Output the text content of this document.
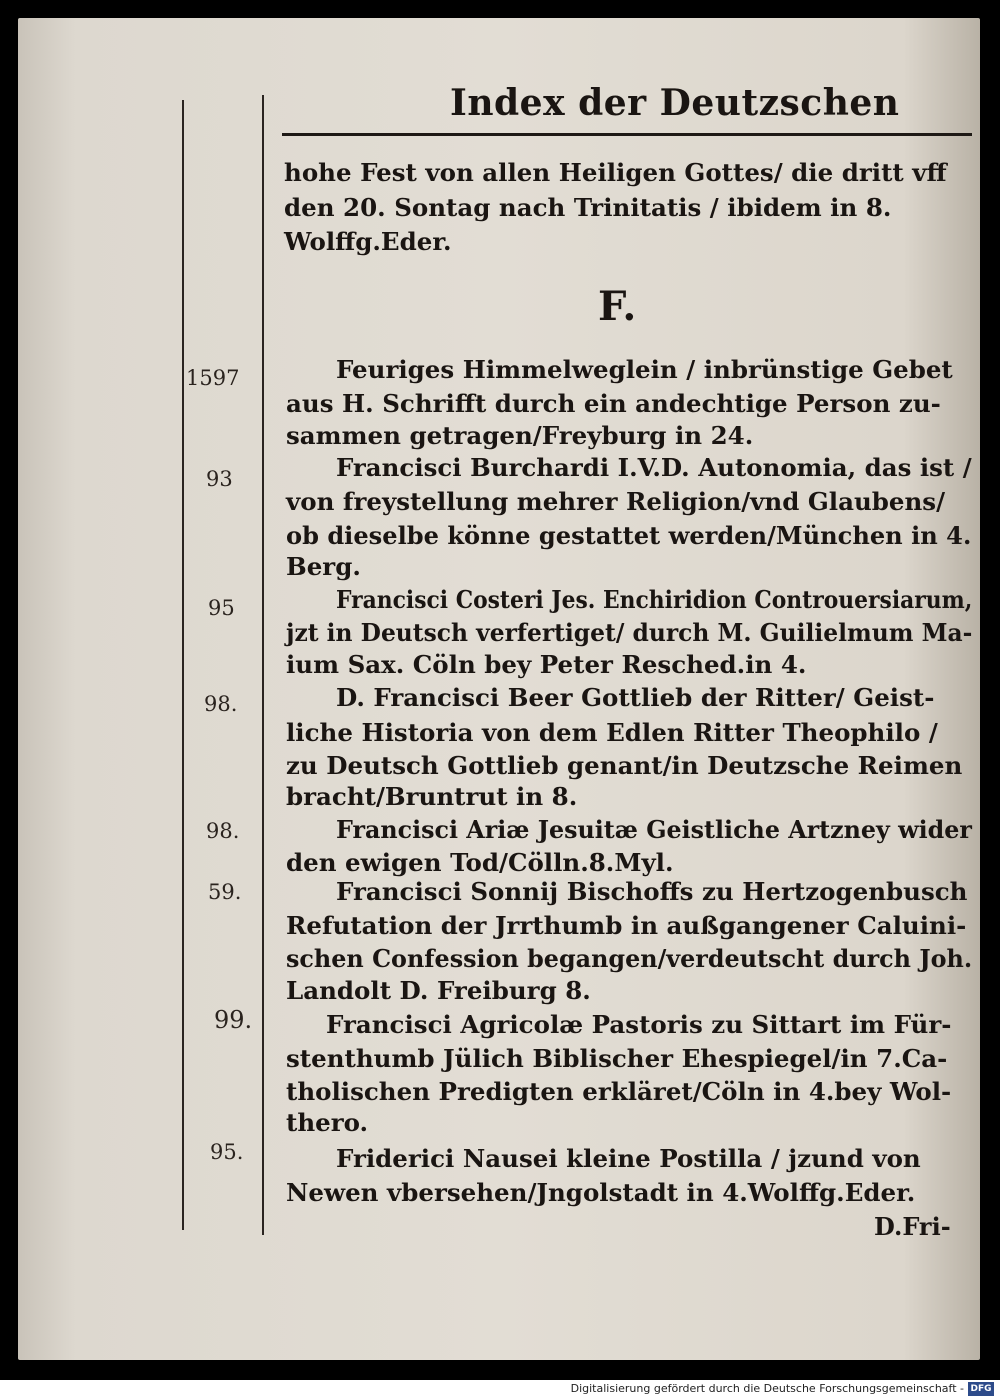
Index der Deutzschen
hohe Fest von allen Heiligen Gottes/ die dritt vff
den 20. Sontag nach Trinitatis / ibidem in 8.
Wolffg.Eder.
F.
1597	Feuriges Himmelweglein / inbrünstige Gebet
aus H. Schrifft durch ein andechtige Person zu-
sammen getragen/Freyburg in 24.
93	Francisci Burchardi I.V.D. Autonomia, das ist /
von freystellung mehrer Religion/vnd Glaubens/
ob dieselbe könne gestattet werden/München in 4.
Berg.
95	Francisci Costeri Jes. Enchiridion Controuersiarum,
jzt in Deutsch verfertiget/ durch M. Guilielmum Ma-
ium Sax. Cöln bey Peter Resched.in 4.
98.	D. Francisci Beer Gottlieb der Ritter/ Geist-
liche Historia von dem Edlen Ritter Theophilo /
zu Deutsch Gottlieb genant/in Deutzsche Reimen
bracht/Bruntrut in 8.
98.	Francisci Ariæ Jesuitæ Geistliche Artzney wider
den ewigen Tod/Cölln.8.Myl.
59.	Francisci Sonnij Bischoffs zu Hertzogenbusch
Refutation der Jrrthumb in außgangener Caluini-
schen Confession begangen/verdeutscht durch Joh.
Landolt D. Freiburg 8.
99.	Francisci Agricolæ Pastoris zu Sittart im Für-
stenthumb Jülich Biblischer Ehespiegel/in 7.Ca-
tholischen Predigten erkläret/Cöln in 4.bey Wol-
thero.
95.	Friderici Nausei kleine Postilla / jzund von
Newen vbersehen/Jngolstadt in 4.Wolffg.Eder.
D.Fri-
Digitalisierung gefördert durch die Deutsche Forschungsgemeinschaft - DFG
